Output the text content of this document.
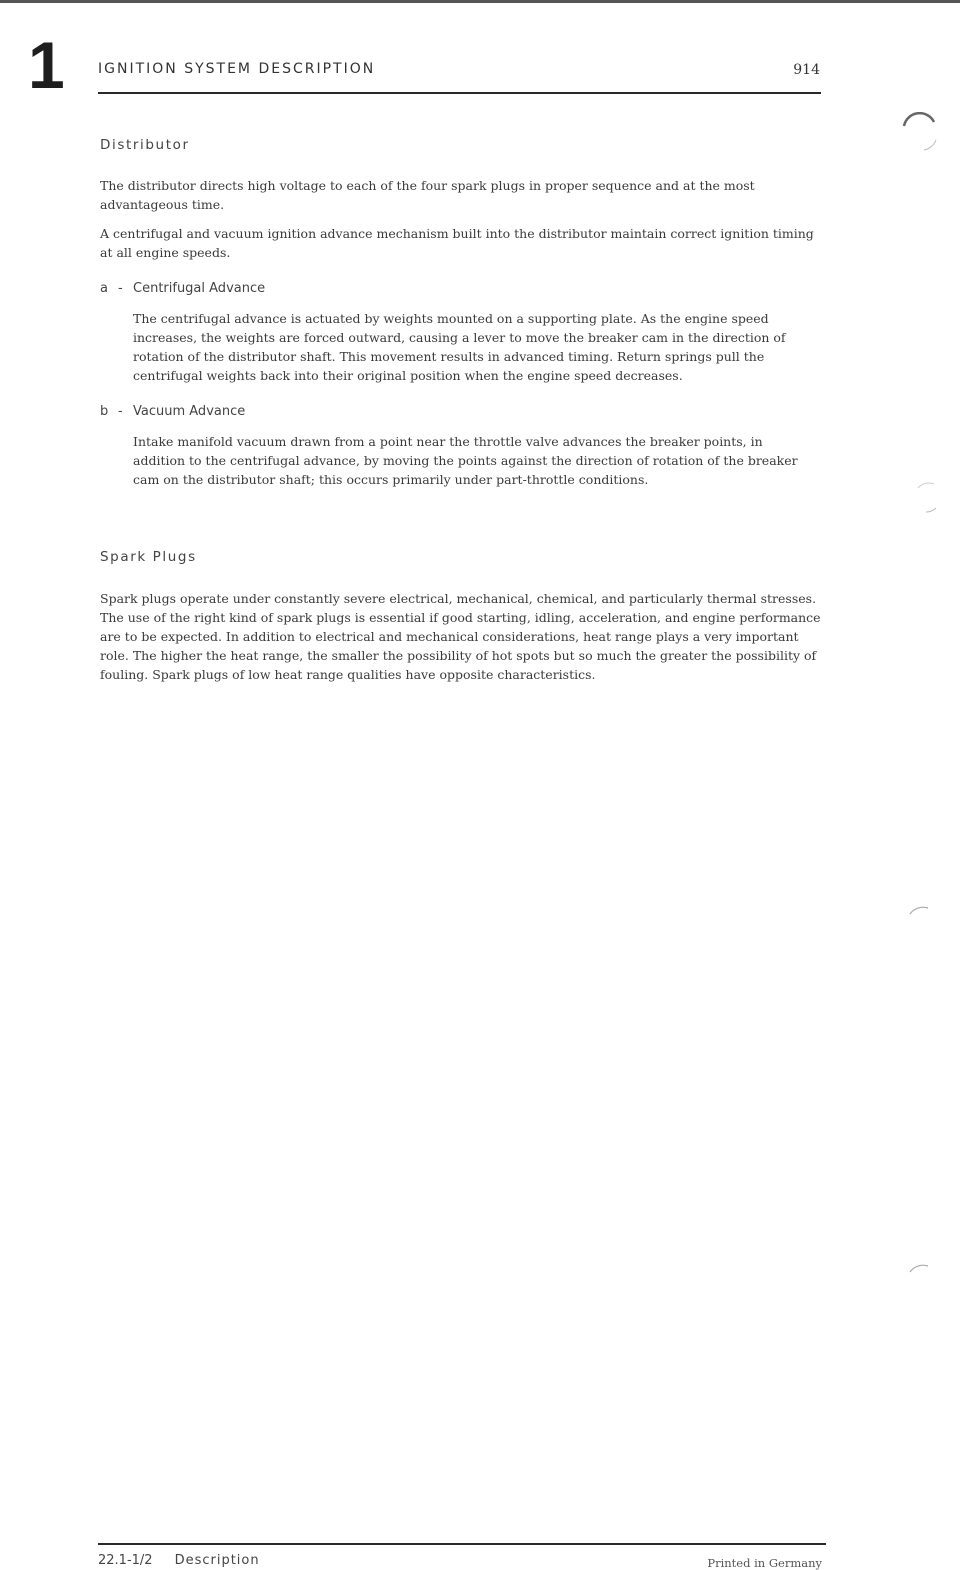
1 IGNITION SYSTEM DESCRIPTION	914
Distributor
The distributor directs high voltage to each of the four spark plugs in proper sequence and at the most advantageous time.
A centrifugal and vacuum ignition advance mechanism built into the distributor maintain correct ignition timing at all engine speeds.
a - Centrifugal Advance
The centrifugal advance is actuated by weights mounted on a supporting plate. As the engine speed increases, the weights are forced outward, causing a lever to move the breaker cam in the direction of rotation of the distributor shaft. This movement results in advanced timing. Return springs pull the centrifugal weights back into their original position when the engine speed decreases.
b - Vacuum Advance
Intake manifold vacuum drawn from a point near the throttle valve advances the breaker points, in addition to the centrifugal advance, by moving the points against the direction of rotation of the breaker cam on the distributor shaft; this occurs primarily under part-throttle conditions.
Spark Plugs
Spark plugs operate under constantly severe electrical, mechanical, chemical, and particularly thermal stresses. The use of the right kind of spark plugs is essential if good starting, idling, acceleration, and engine performance are to be expected. In addition to electrical and mechanical considerations, heat range plays a very important role. The higher the heat range, the smaller the possibility of hot spots but so much the greater the possibility of fouling. Spark plugs of low heat range qualities have opposite characteristics.
22.1-1/2 Description	Printed in Germany
